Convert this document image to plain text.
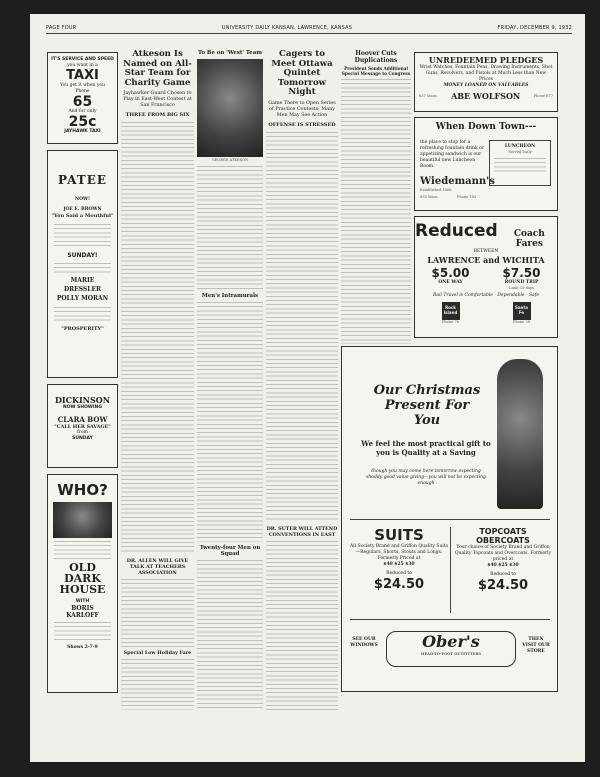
PAGE FOUR	UNIVERSITY DAILY KANSAN, LAWRENCE, KANSAS	FRIDAY, DECEMBER 9, 1932
IT'S SERVICE AND SPEED
you want in a
TAXI
You get it when you
Phone
65
And for only
25c
JAYHAWK TAXI
PATEE
NOW!
JOE E. BROWN
"You Said a Mouthful"
SUNDAY!
MARIE DRESSLER POLLY MORAN
"PROSPERITY"
DICKINSON
NOW SHOWING
CLARA BOW
"CALL HER SAVAGE"
from
SUNDAY
WHO?
OLD
DARK
HOUSE
WITH
BORIS
KARLOFF
Shows 2-7-9
Atkeson Is Named on All-Star Team for Charity Game
Jayhawker Guard Chosen to Play in East-West Contest at San Francisco
THREE FROM BIG SIX
DR. ALLEN WILL GIVE TALK AT TEACHERS ASSOCIATION
Special Low Holiday Fare
To Be on 'West' Team
GEORGE ATKESON
Men's Intramurals
Twenty-four Men on Squad
Cagers to Meet Ottawa Quintet Tomorrow Night
Game There to Open Series of Practice Contests; Many Men May See Action
OFFENSE IS STRESSED
DR. SUTER WILL ATTEND CONVENTIONS IN EAST
Hoover Cuts Duplications
President Sends Additional Special Message to Congress
UNREDEEMED PLEDGES
Wrist Watches, Fountain Pens, Drawing Instruments, Shot Guns, Revolvers, and Pistols at Much Less than New Prices
MONEY LOANED ON VALUABLES
637 Mass. ABE WOLFSON	Phone 677
When Down Town---
the place to stop for a refreshing fountain drink or appetizing sandwich is our beautiful new Luncheon Room.
LUNCHEON
Served Daily
Wiedemann's
Established 1868
835 Mass.	Phone 182
Reduced	Coach Fares
BETWEEN
LAWRENCE and WICHITA
$5.00
ONE WAY
$7.50
ROUND TRIP
Limit 15 days
Rail Travel is Comfortable - Dependable - Safe
Rock Island
Phone 76
Santa Fe
Phone 28
Our Christmas Present For You
We feel the most practical gift to you is Quality at a Saving
though you may come here tomorrow expecting shoddy good value giving—you will not be expecting enough
SUITS
All Society Brand and Griffon Quality Suits—Regulars, Shorts, Stouts and Longs. Formerly Priced at
$40 $25 $30
Reduced to
$24.50
TOPCOATS OBERCOATS
Your choice of Society Brand and Griffon Quality Topcoats and Overcoats. Formerly priced at
$40 $25 $30
Reduced to
$24.50
SEE OUR WINDOWS	Ober's
HEAD-TO-FOOT OUTFITTERS
THEN VISIT OUR STORE
